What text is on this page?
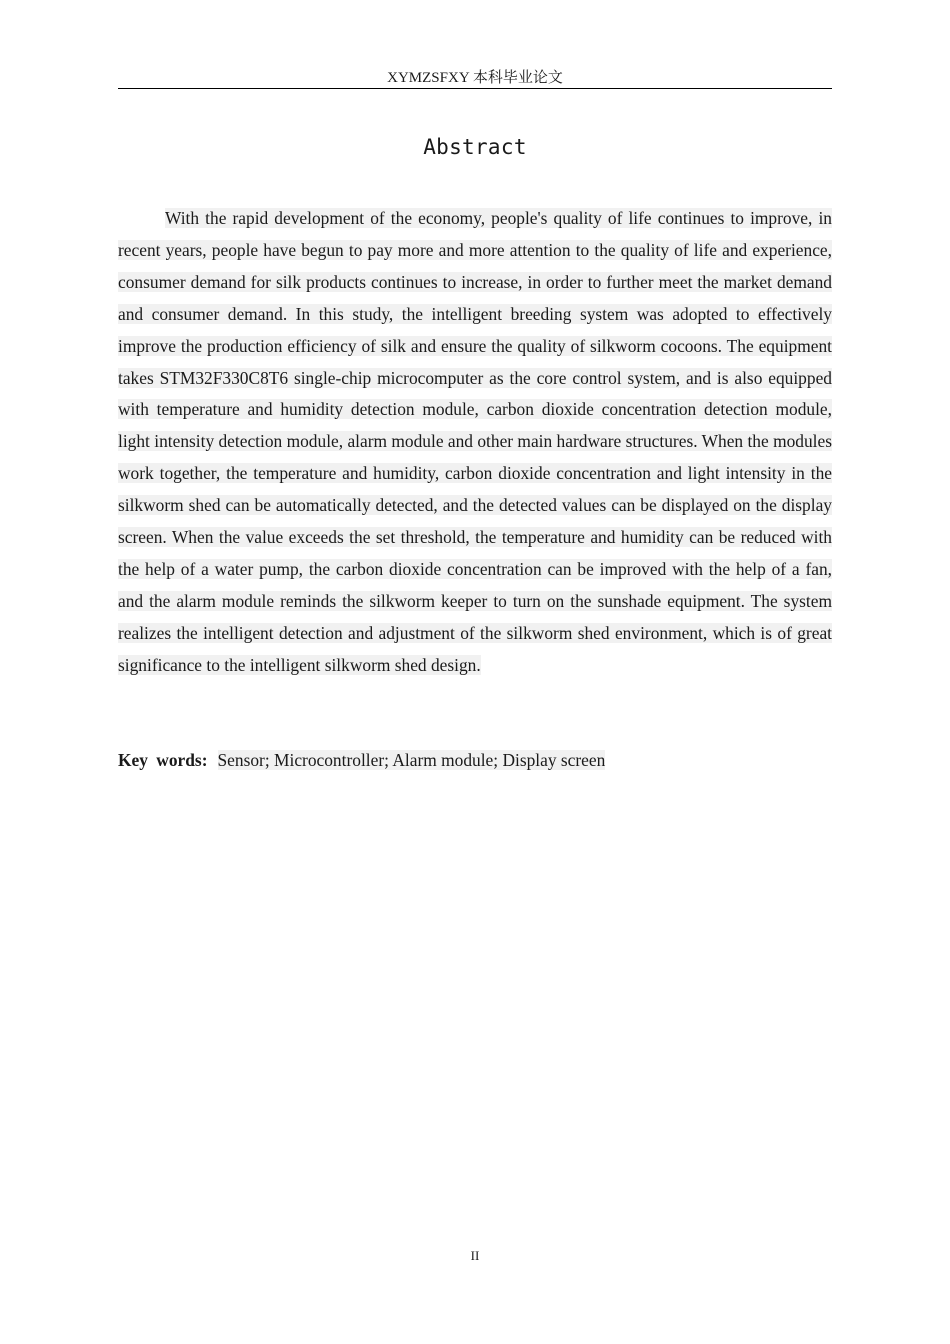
XYMZSFXY 本科毕业论文
Abstract

With the rapid development of the economy, people's quality of life continues to improve, in recent years, people have begun to pay more and more attention to the quality of life and experience, consumer demand for silk products continues to increase, in order to further meet the market demand and consumer demand. In this study, the intelligent breeding system was adopted to effectively improve the production efficiency of silk and ensure the quality of silkworm cocoons. The equipment takes STM32F330C8T6 single-chip microcomputer as the core control system, and is also equipped with temperature and humidity detection module, carbon dioxide concentration detection module, light intensity detection module, alarm module and other main hardware structures. When the modules work together, the temperature and humidity, carbon dioxide concentration and light intensity in the silkworm shed can be automatically detected, and the detected values can be displayed on the display screen. When the value exceeds the set threshold, the temperature and humidity can be reduced with the help of a water pump, the carbon dioxide concentration can be improved with the help of a fan, and the alarm module reminds the silkworm keeper to turn on the sunshade equipment. The system realizes the intelligent detection and adjustment of the silkworm shed environment, which is of great significance to the intelligent silkworm shed design.

Key words: Sensor; Microcontroller; Alarm module; Display screen

II
